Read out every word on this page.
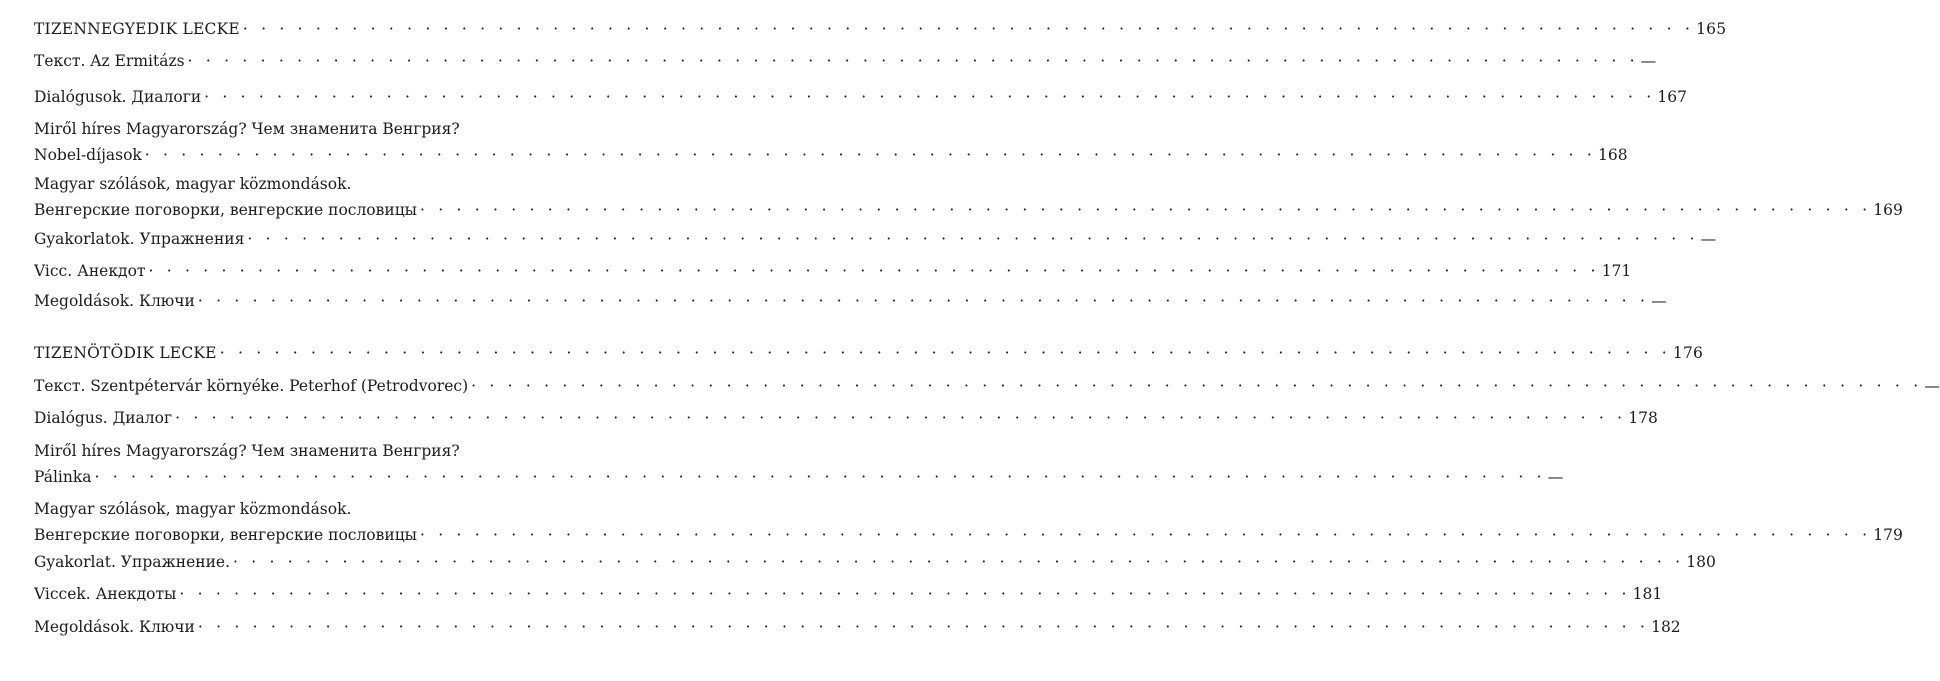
TIZENNEGYEDIK LECKE · · · · · · · · · · · · · · · · · · · · · · · · · · · · · · · · · · · · · · · · · · · · · · · · · · · · · · · · · · · · · · · · · · · · · · · · · · · · · · · · 165
Текст. Az Ermitázs · · · · · · · · · · · · · · · · · · · · · · · · · · · · · · · · · · · · · · · · · · · · · · · · · · · · · · · · · · · · · · · · · · · · · · · · · · · · · · · · —
Dialógusok. Диалоги · · · · · · · · · · · · · · · · · · · · · · · · · · · · · · · · · · · · · · · · · · · · · · · · · · · · · · · · · · · · · · · · · · · · · · · · · · · · · · · · 167
Miről híres Magyarország? Чем знаменита Венгрия?
Nobel-díjasok · · · · · · · · · · · · · · · · · · · · · · · · · · · · · · · · · · · · · · · · · · · · · · · · · · · · · · · · · · · · · · · · · · · · · · · · · · · · · · · · 168
Magyar szólások, magyar közmondások.
Венгерские поговорки, венгерские пословицы · · · · · · · · · · · · · · · · · · · · · · · · · · · · · · · · · · · · · · · · · · · · · · · · · · · · · · · · · · · · · · · · · · · · · · · · · · · · · · · · 169
Gyakorlatok. Упражнения · · · · · · · · · · · · · · · · · · · · · · · · · · · · · · · · · · · · · · · · · · · · · · · · · · · · · · · · · · · · · · · · · · · · · · · · · · · · · · · · —
Vicc. Анекдот · · · · · · · · · · · · · · · · · · · · · · · · · · · · · · · · · · · · · · · · · · · · · · · · · · · · · · · · · · · · · · · · · · · · · · · · · · · · · · · · 171
Megoldások. Ключи · · · · · · · · · · · · · · · · · · · · · · · · · · · · · · · · · · · · · · · · · · · · · · · · · · · · · · · · · · · · · · · · · · · · · · · · · · · · · · · · —
TIZENÖTÖDIK LECKE · · · · · · · · · · · · · · · · · · · · · · · · · · · · · · · · · · · · · · · · · · · · · · · · · · · · · · · · · · · · · · · · · · · · · · · · · · · · · · · · 176
Текст. Szentpétervár környéke. Peterhof (Petrodvorec) · · · · · · · · · · · · · · · · · · · · · · · · · · · · · · · · · · · · · · · · · · · · · · · · · · · · · · · · · · · · · · · · · · · · · · · · · · · · · · · · —
Dialógus. Диалог · · · · · · · · · · · · · · · · · · · · · · · · · · · · · · · · · · · · · · · · · · · · · · · · · · · · · · · · · · · · · · · · · · · · · · · · · · · · · · · · 178
Miről híres Magyarország? Чем знаменита Венгрия?
Pálinka · · · · · · · · · · · · · · · · · · · · · · · · · · · · · · · · · · · · · · · · · · · · · · · · · · · · · · · · · · · · · · · · · · · · · · · · · · · · · · · · —
Magyar szólások, magyar közmondások.
Венгерские поговорки, венгерские пословицы · · · · · · · · · · · · · · · · · · · · · · · · · · · · · · · · · · · · · · · · · · · · · · · · · · · · · · · · · · · · · · · · · · · · · · · · · · · · · · · · 179
Gyakorlat. Упражнение. · · · · · · · · · · · · · · · · · · · · · · · · · · · · · · · · · · · · · · · · · · · · · · · · · · · · · · · · · · · · · · · · · · · · · · · · · · · · · · · · 180
Viccek. Анекдоты · · · · · · · · · · · · · · · · · · · · · · · · · · · · · · · · · · · · · · · · · · · · · · · · · · · · · · · · · · · · · · · · · · · · · · · · · · · · · · · · 181
Megoldások. Ключи · · · · · · · · · · · · · · · · · · · · · · · · · · · · · · · · · · · · · · · · · · · · · · · · · · · · · · · · · · · · · · · · · · · · · · · · · · · · · · · · 182
